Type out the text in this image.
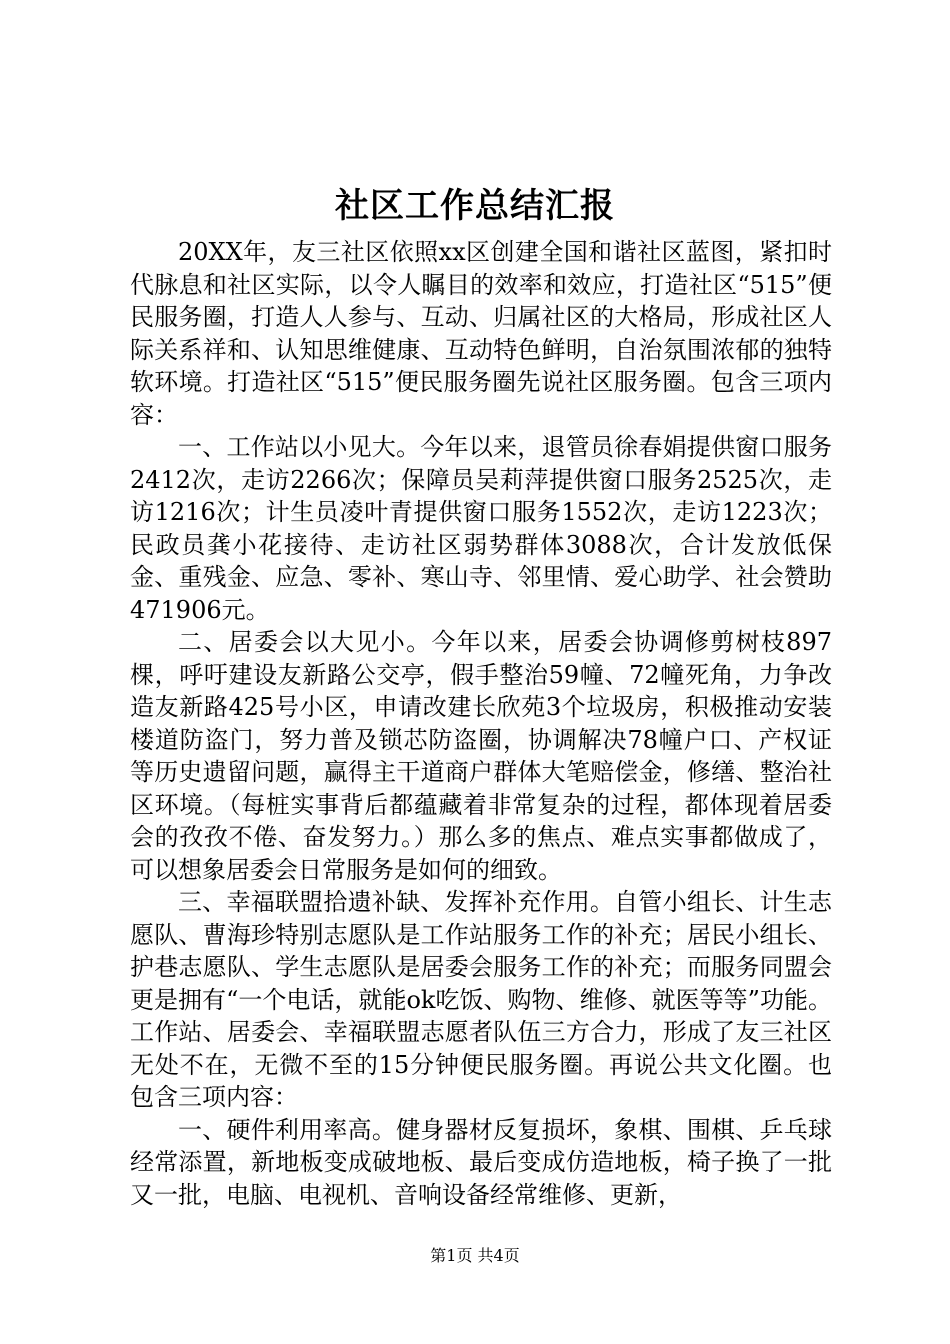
社区工作总结汇报

20XX年，友三社区依照xx区创建全国和谐社区蓝图，紧扣时代脉息和社区实际，以令人瞩目的效率和效应，打造社区“515”便民服务圈，打造人人参与、互动、归属社区的大格局，形成社区人际关系祥和、认知思维健康、互动特色鲜明，自治氛围浓郁的独特软环境。打造社区“515”便民服务圈先说社区服务圈。包含三项内容：

一、工作站以小见大。今年以来，退管员徐春娟提供窗口服务2412次，走访2266次；保障员吴莉萍提供窗口服务2525次，走访1216次；计生员凌叶青提供窗口服务1552次，走访1223次；民政员龚小花接待、走访社区弱势群体3088次，合计发放低保金、重残金、应急、零补、寒山寺、邻里情、爱心助学、社会赞助471906元。

二、居委会以大见小。今年以来，居委会协调修剪树枝897棵，呼吁建设友新路公交亭，假手整治59幢、72幢死角，力争改造友新路425号小区，申请改建长欣苑3个垃圾房，积极推动安装楼道防盗门，努力普及锁芯防盗圈，协调解决78幢户口、产权证等历史遗留问题，赢得主干道商户群体大笔赔偿金，修缮、整治社区环境。（每桩实事背后都蕴藏着非常复杂的过程，都体现着居委会的孜孜不倦、奋发努力。）那么多的焦点、难点实事都做成了，可以想象居委会日常服务是如何的细致。

三、幸福联盟拾遗补缺、发挥补充作用。自管小组长、计生志愿队、曹海珍特别志愿队是工作站服务工作的补充；居民小组长、护巷志愿队、学生志愿队是居委会服务工作的补充；而服务同盟会更是拥有“一个电话，就能ok吃饭、购物、维修、就医等等”功能。工作站、居委会、幸福联盟志愿者队伍三方合力，形成了友三社区无处不在，无微不至的15分钟便民服务圈。再说公共文化圈。也包含三项内容：

一、硬件利用率高。健身器材反复损坏，象棋、围棋、乒乓球经常添置，新地板变成破地板、最后变成仿造地板，椅子换了一批又一批，电脑、电视机、音响设备经常维修、更新，

第1页 共4页
